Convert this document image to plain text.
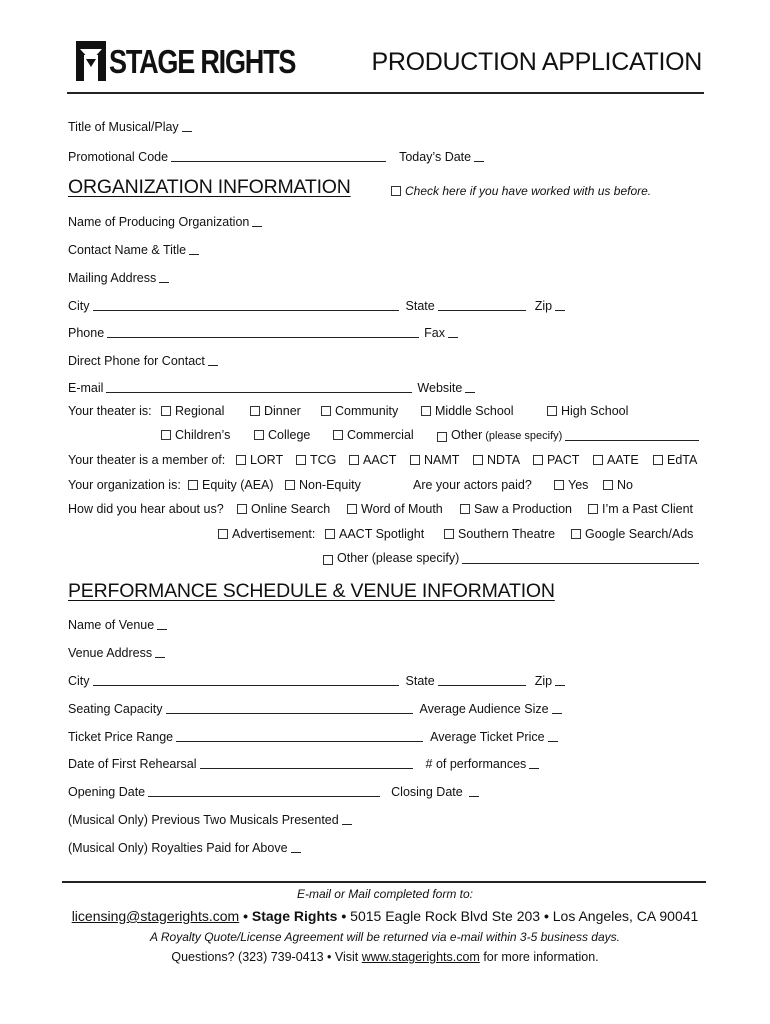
STAGE RIGHTS	PRODUCTION APPLICATION
Title of Musical/Play
Promotional Code	Today’s Date
ORGANIZATION INFORMATION	Check here if you have worked with us before.
Name of Producing Organization
Contact Name & Title
Mailing Address
City	State	Zip
Phone	Fax
Direct Phone for Contact
E-mail	Website
Your theater is:	Regional	Dinner	Community	Middle School	High School
Children’s	College	Commercial	Other (please specify)
Your theater is a member of:	LORT	TCG	AACT	NAMT	NDTA	PACT	AATE	EdTA
Your organization is:	Equity (AEA)	Non-Equity	Are your actors paid?	Yes	No
How did you hear about us?	Online Search	Word of Mouth	Saw a Production	I’m a Past Client
Advertisement:	AACT Spotlight	Southern Theatre	Google Search/Ads
Other (please specify)
PERFORMANCE SCHEDULE & VENUE INFORMATION
Name of Venue
Venue Address
City	State	Zip
Seating Capacity	Average Audience Size
Ticket Price Range	Average Ticket Price
Date of First Rehearsal	# of performances
Opening Date	Closing Date
(Musical Only) Previous Two Musicals Presented
(Musical Only) Royalties Paid for Above
E-mail or Mail completed form to:
licensing@stagerights.com • Stage Rights • 5015 Eagle Rock Blvd Ste 203 • Los Angeles, CA 90041
A Royalty Quote/License Agreement will be returned via e-mail within 3-5 business days.
Questions? (323) 739-0413 • Visit www.stagerights.com for more information.
